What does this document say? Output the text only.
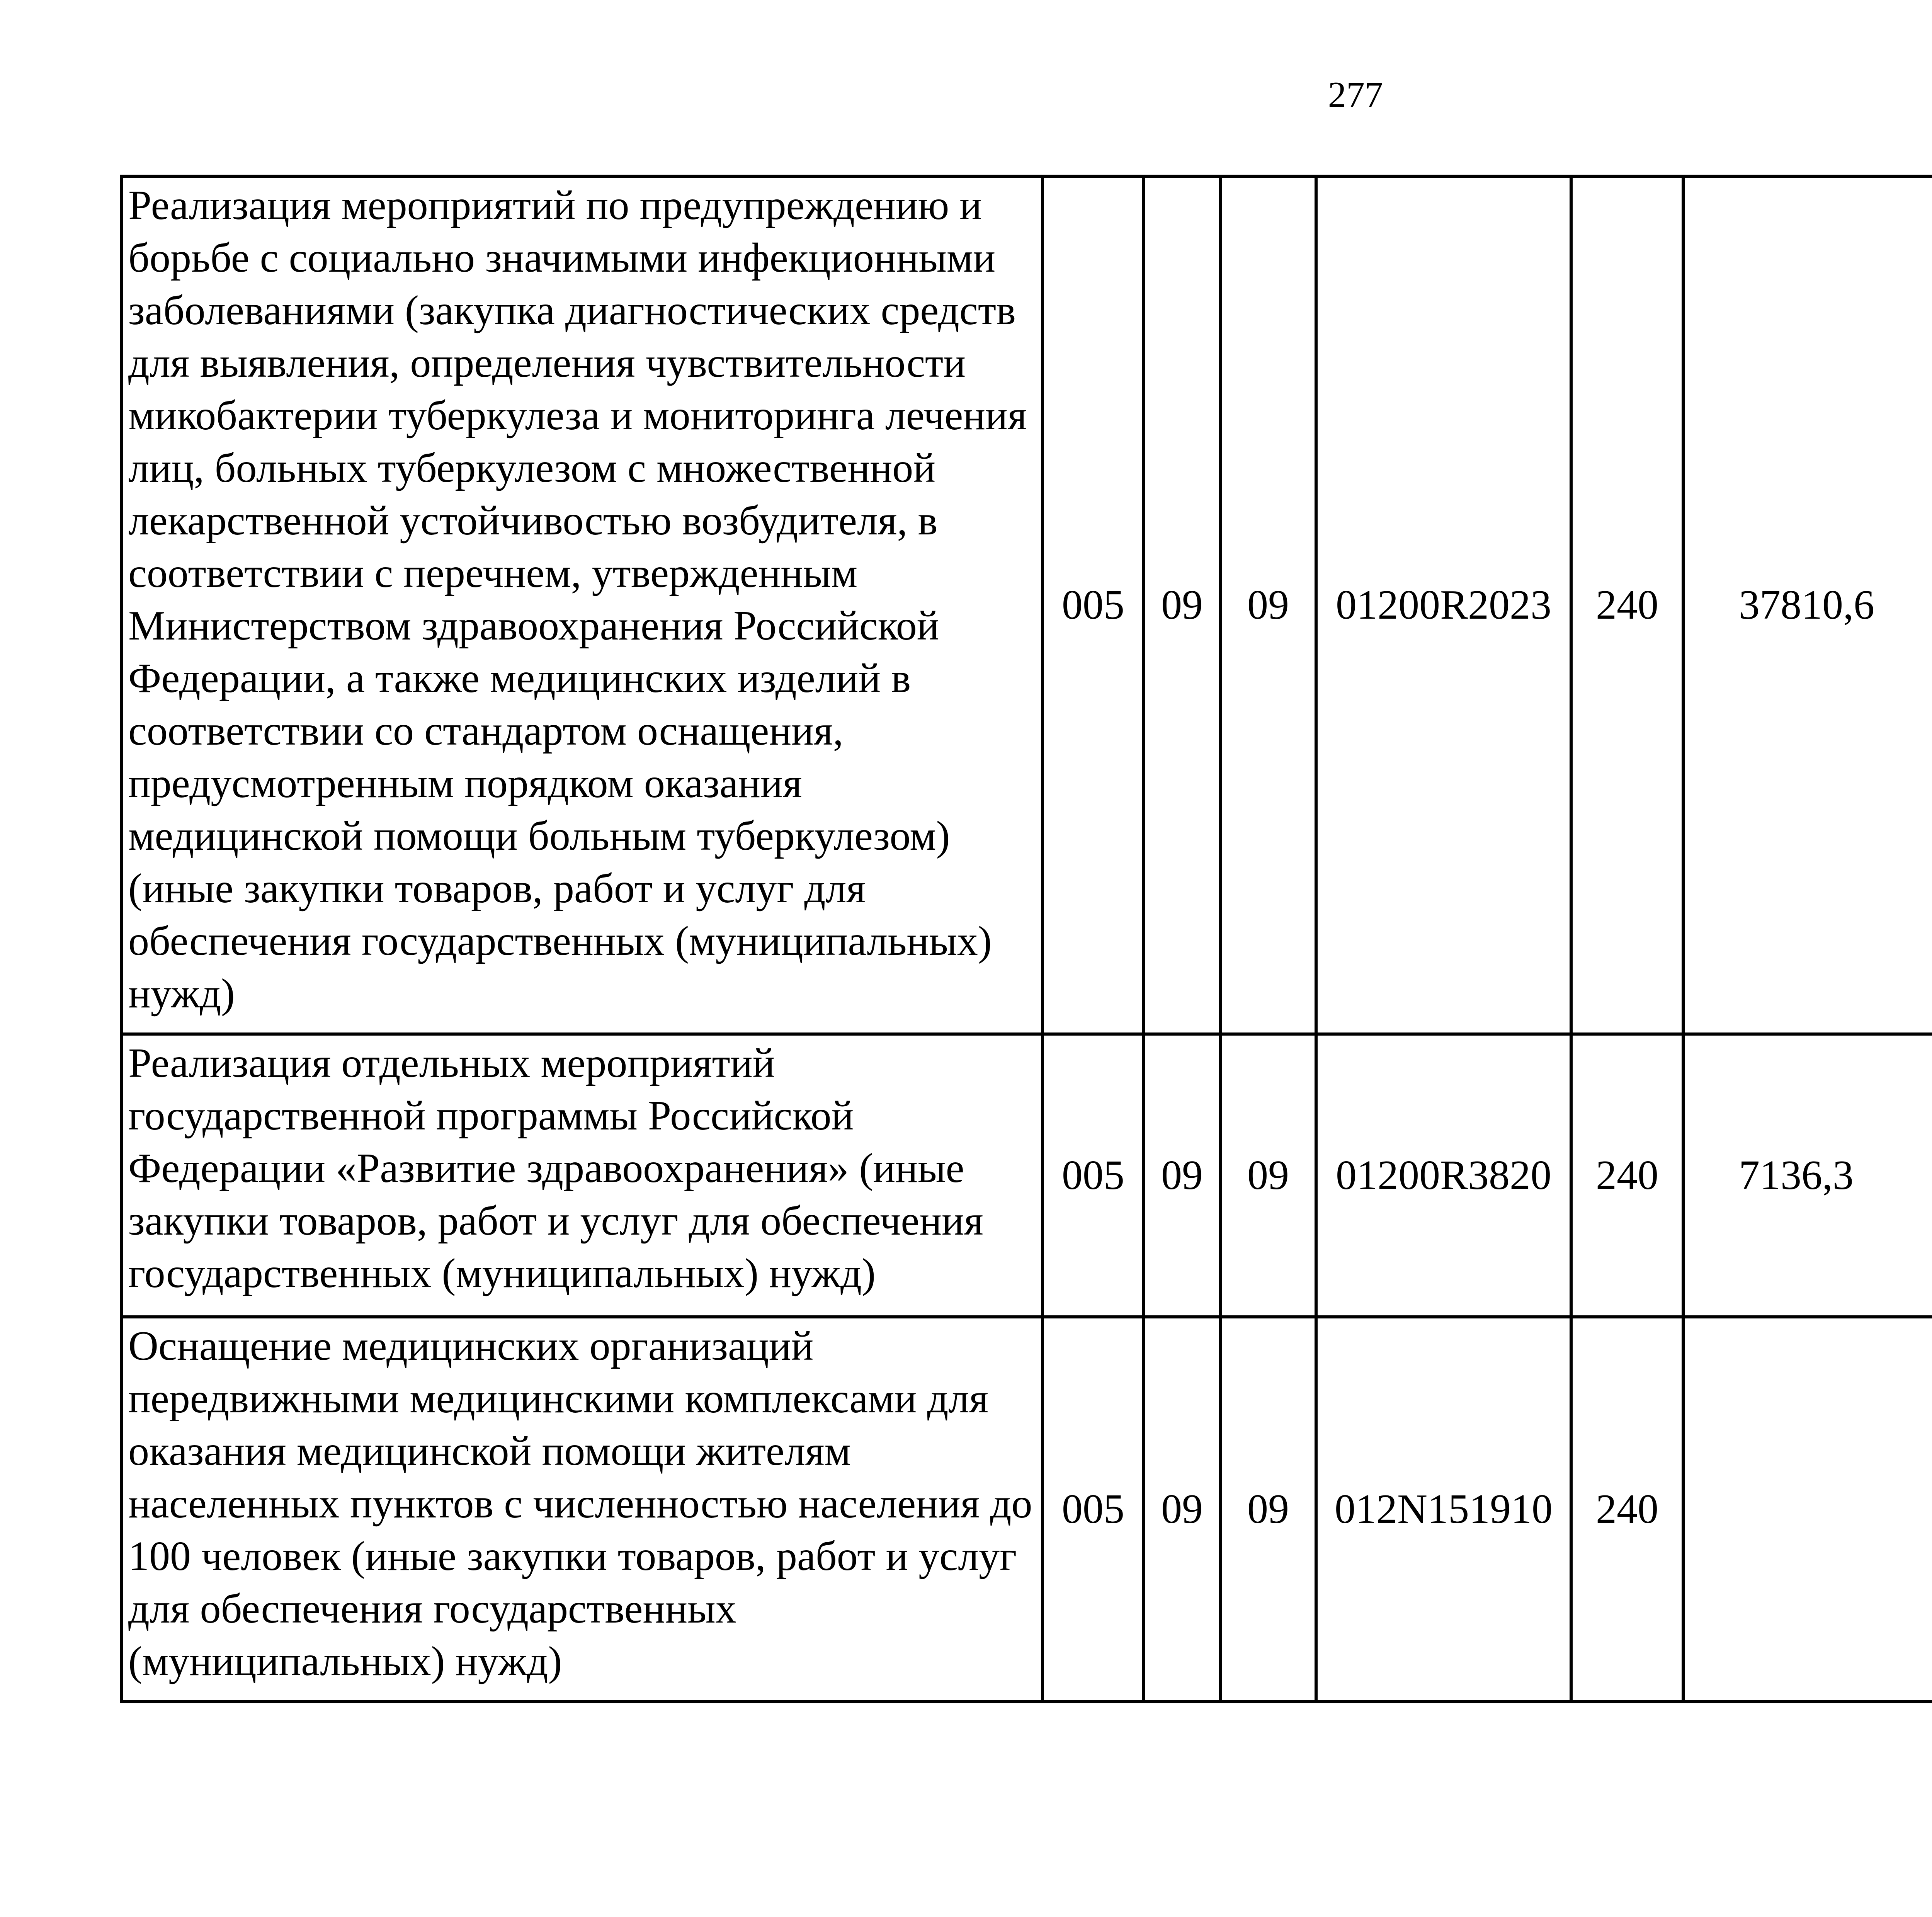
277
Реализация мероприятий по предупреждению и борьбе с социально значимыми инфекционными заболеваниями (закупка диагностических средств для выявления, определения чувствительности микобактерии туберкулеза и мониторинга лечения лиц, больных туберкулезом с множественной лекарственной устойчивостью возбудителя, в соответствии с перечнем, утвержденным Министерством здравоохранения Российской Федерации, а также медицинских изделий в соответствии со стандартом оснащения, предусмотренным порядком оказания медицинской помощи больным туберкулезом) (иные закупки товаров, работ и услуг для обеспечения государственных (муниципальных) нужд)	005	09	09	01200R2023	240	37810,6		
Реализация отдельных мероприятий государственной программы Российской Федерации «Развитие здравоохранения» (иные закупки товаров, работ и услуг для обеспечения государственных (муниципальных) нужд)	005	09	09	01200R3820	240	7136,3		
Оснащение медицинских организаций передвижными медицинскими комплексами для оказания медицинской помощи жителям населенных пунктов с численностью населения до 100 человек (иные закупки товаров, работ и услуг для обеспечения государственных (муниципальных) нужд)	005	09	09	012N151910	240			
